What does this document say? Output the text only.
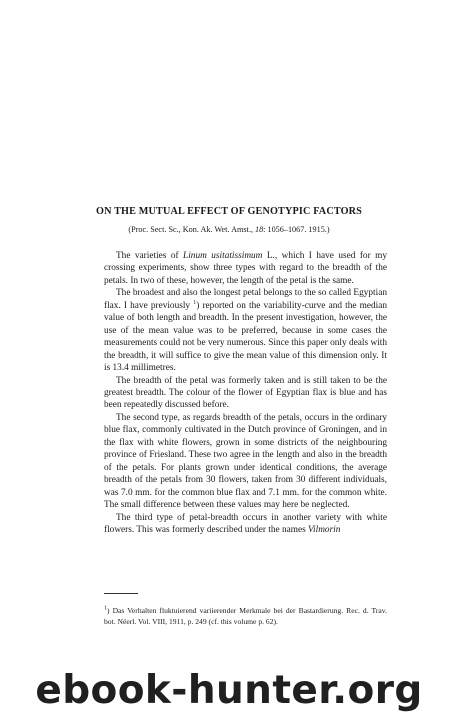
ON THE MUTUAL EFFECT OF GENOTYPIC FACTORS
(Proc. Sect. Sc., Kon. Ak. Wet. Amst., 18: 1056–1067. 1915.)

The varieties of Linum usitatissimum L., which I have used for my crossing experiments, show three types with regard to the breadth of the petals. In two of these, however, the length of the petal is the same.

The broadest and also the longest petal belongs to the so called Egyptian flax. I have previously $^1$) reported on the variability-curve and the median value of both length and breadth. In the present investigation, however, the use of the mean value was to be preferred, because in some cases the measurements could not be very numerous. Since this paper only deals with the breadth, it will suffice to give the mean value of this dimension only. It is 13.4 millimetres.

The breadth of the petal was formerly taken and is still taken to be the greatest breadth. The colour of the flower of Egyptian flax is blue and has been repeatedly discussed before.

The second type, as regards breadth of the petals, occurs in the ordinary blue flax, commonly cultivated in the Dutch province of Groningen, and in the flax with white flowers, grown in some districts of the neighbouring province of Friesland. These two agree in the length and also in the breadth of the petals. For plants grown under identical conditions, the average breadth of the petals from 30 flowers, taken from 30 different individuals, was 7.0 mm. for the common blue flax and 7.1 mm. for the common white. The small difference between these values may here be neglected.

The third type of petal-breadth occurs in another variety with white flowers. This was formerly described under the names Vilmorin

$^1$) Das Verhalten fluktuierend variierender Merkmale bei der Bastardierung. Rec. d. Trav. bot. Néerl. Vol. VIII, 1911, p. 249 (cf. this volume p. 62).

ebook-hunter.org
